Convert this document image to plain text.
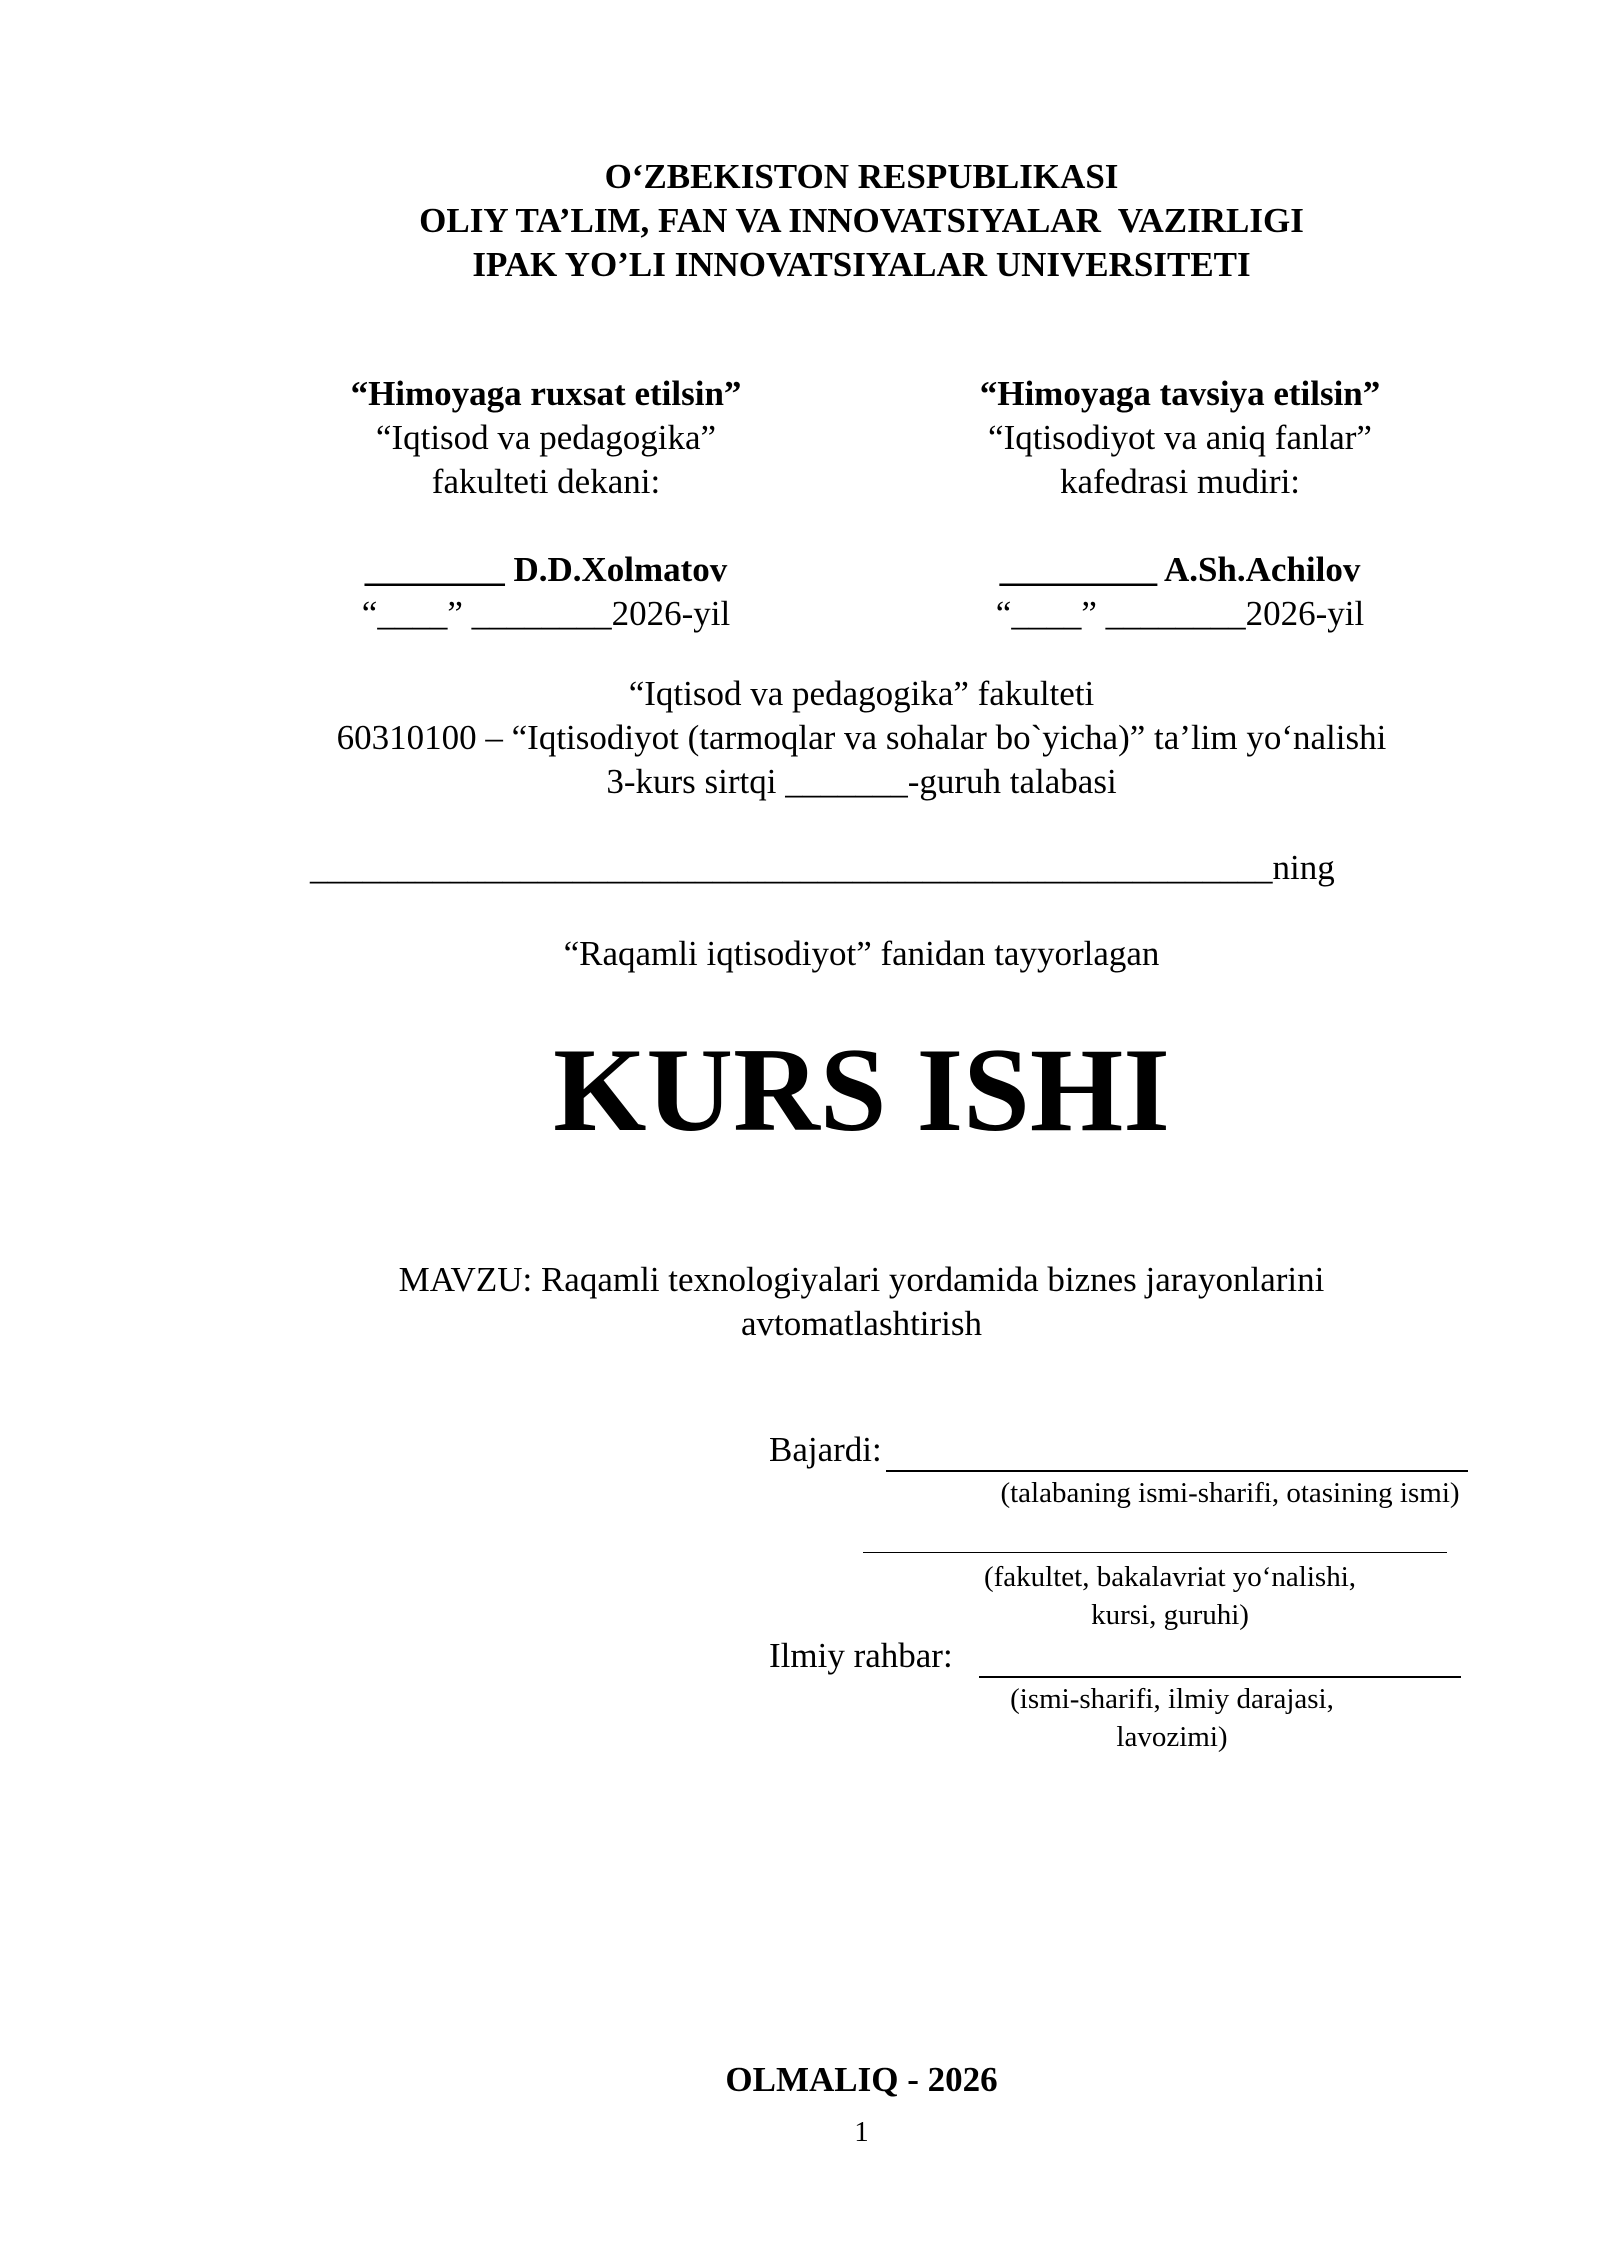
O‘ZBEKISTON RESPUBLIKASI
OLIY TA’LIM, FAN VA INNOVATSIYALAR  VAZIRLIGI
IPAK YO’LI INNOVATSIYALAR UNIVERSITETI
“Himoyaga ruxsat etilsin”
“Iqtisod va pedagogika”
fakulteti dekani:
________ D.D.Xolmatov
“____” ________2026-yil
“Himoyaga tavsiya etilsin”
“Iqtisodiyot va aniq fanlar”
kafedrasi mudiri:
_________ A.Sh.Achilov
“____” ________2026-yil
“Iqtisod va pedagogika” fakulteti
60310100 – “Iqtisodiyot (tarmoqlar va sohalar bo`yicha)” ta’lim yo‘nalishi
3-kurs sirtqi _______-guruh talabasi
_______________________________________________________ning
“Raqamli iqtisodiyot” fanidan tayyorlagan
KURS ISHI
MAVZU: Raqamli texnologiyalari yordamida biznes jarayonlarini
avtomatlashtirish
Bajardi:
(talabaning ismi-sharifi, otasining ismi)
(fakultet, bakalavriat yo‘nalishi,
kursi, guruhi)
Ilmiy rahbar:
(ismi-sharifi, ilmiy darajasi,
lavozimi)
OLMALIQ - 2026
1
